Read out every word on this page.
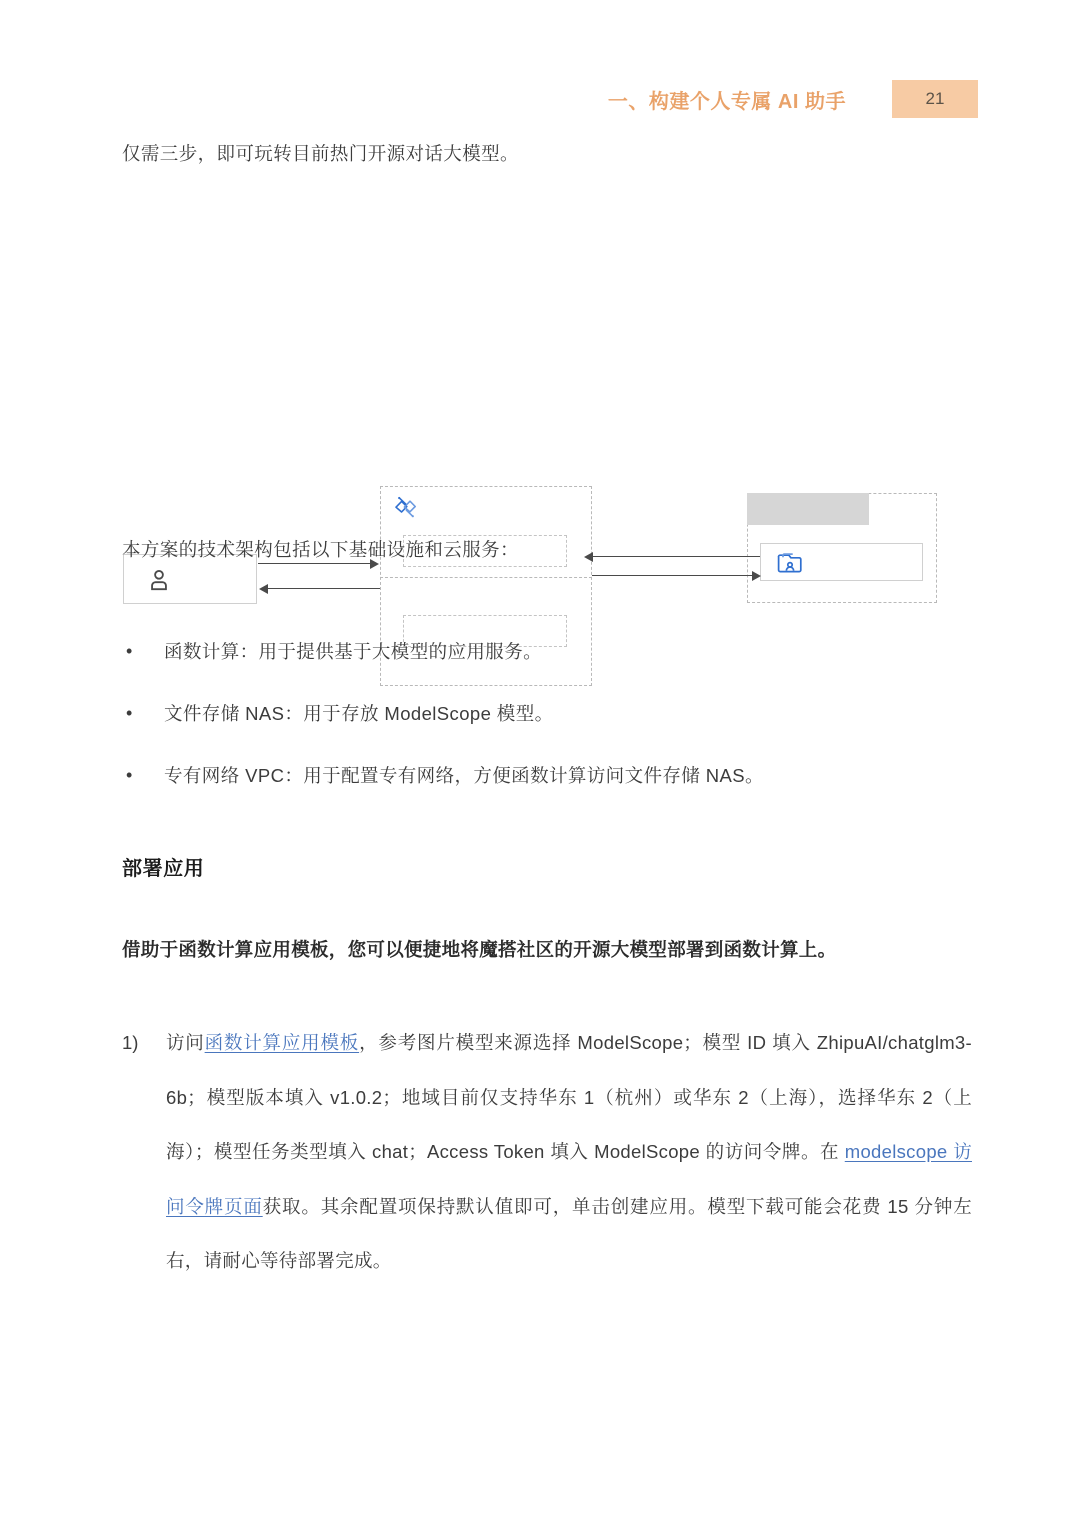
一、构建个人专属 AI 助手	21
仅需三步，即可玩转目前热门开源对话大模型。
本方案的技术架构包括以下基础设施和云服务：
•	函数计算：用于提供基于大模型的应用服务。
•	文件存储 NAS：用于存放 ModelScope 模型。
•	专有网络 VPC：用于配置专有网络，方便函数计算访问文件存储 NAS。
部署应用
借助于函数计算应用模板，您可以便捷地将魔搭社区的开源大模型部署到函数计算上。
1)	访问函数计算应用模板，参考图片模型来源选择 ModelScope；模型 ID 填入 ZhipuAI/chatglm3-6b；模型版本填入 v1.0.2；地域目前仅支持华东 1（杭州）或华东 2（上海），选择华东 2（上海）；模型任务类型填入 chat；Access Token 填入 ModelScope 的访问令牌。在 modelscope 访问令牌页面获取。其余配置项保持默认值即可，单击创建应用。模型下载可能会花费 15 分钟左右，请耐心等待部署完成。
